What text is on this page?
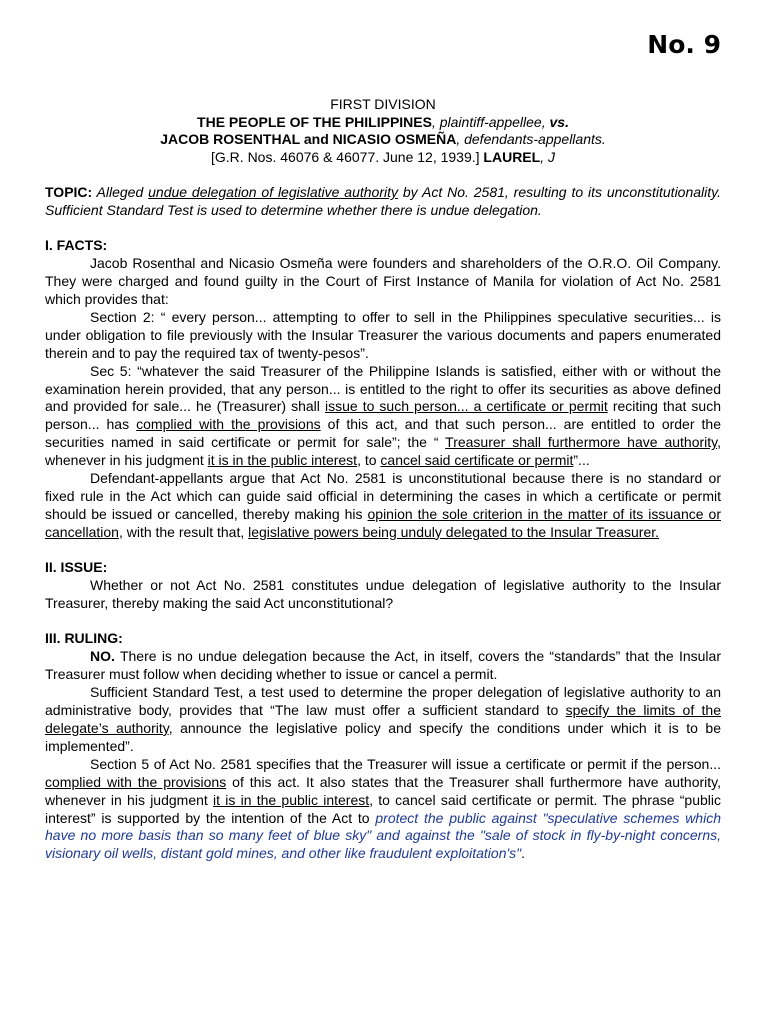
No. 9

FIRST DIVISION

THE PEOPLE OF THE PHILIPPINES, plaintiff-appellee, vs.

JACOB ROSENTHAL and NICASIO OSMEÑA, defendants-appellants.

[G.R. Nos. 46076 & 46077. June 12, 1939.] LAUREL, J

TOPIC: Alleged undue delegation of legislative authority by Act No. 2581, resulting to its unconstitutionality. Sufficient Standard Test is used to determine whether there is undue delegation.

I. FACTS:

Jacob Rosenthal and Nicasio Osmeña were founders and shareholders of the O.R.O. Oil Company. They were charged and found guilty in the Court of First Instance of Manila for violation of Act No. 2581 which provides that:

Section 2: “ every person... attempting to offer to sell in the Philippines speculative securities... is under obligation to file previously with the Insular Treasurer the various documents and papers enumerated therein and to pay the required tax of twenty-pesos”.

Sec 5: “whatever the said Treasurer of the Philippine Islands is satisfied, either with or without the examination herein provided, that any person... is entitled to the right to offer its securities as above defined and provided for sale... he (Treasurer) shall issue to such person... a certificate or permit reciting that such person... has complied with the provisions of this act, and that such person... are entitled to order the securities named in said certificate or permit for sale”; the “ Treasurer shall furthermore have authority, whenever in his judgment it is in the public interest, to cancel said certificate or permit”...

Defendant-appellants argue that Act No. 2581 is unconstitutional because there is no standard or fixed rule in the Act which can guide said official in determining the cases in which a certificate or permit should be issued or cancelled, thereby making his opinion the sole criterion in the matter of its issuance or cancellation, with the result that, legislative powers being unduly delegated to the Insular Treasurer.

II. ISSUE:

Whether or not Act No. 2581 constitutes undue delegation of legislative authority to the Insular Treasurer, thereby making the said Act unconstitutional?

III. RULING:

NO. There is no undue delegation because the Act, in itself, covers the “standards” that the Insular Treasurer must follow when deciding whether to issue or cancel a permit.

Sufficient Standard Test, a test used to determine the proper delegation of legislative authority to an administrative body, provides that “The law must offer a sufficient standard to specify the limits of the delegate’s authority, announce the legislative policy and specify the conditions under which it is to be implemented”.

Section 5 of Act No. 2581 specifies that the Treasurer will issue a certificate or permit if the person... complied with the provisions of this act. It also states that the Treasurer shall furthermore have authority, whenever in his judgment it is in the public interest, to cancel said certificate or permit. The phrase “public interest” is supported by the intention of the Act to protect the public against "speculative schemes which have no more basis than so many feet of blue sky" and against the "sale of stock in fly-by-night concerns, visionary oil wells, distant gold mines, and other like fraudulent exploitation's".
